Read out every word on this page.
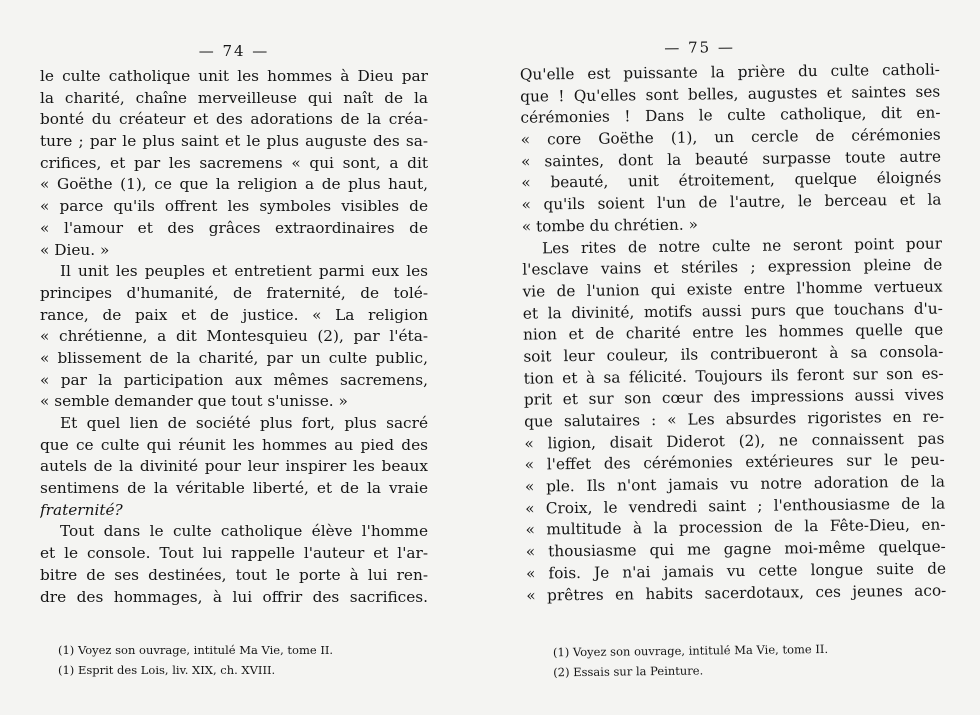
— 74 —
le culte catholique unit les hommes à Dieu par
la charité, chaîne merveilleuse qui naît de la
bonté du créateur et des adorations de la créa-
ture ; par le plus saint et le plus auguste des sa-
crifices, et par les sacremens « qui sont, a dit
« Goëthe (1), ce que la religion a de plus haut,
« parce qu'ils offrent les symboles visibles de
« l'amour et des grâces extraordinaires de
« Dieu. »
Il unit les peuples et entretient parmi eux les
principes d'humanité, de fraternité, de tolé-
rance, de paix et de justice. « La religion
« chrétienne, a dit Montesquieu (2), par l'éta-
« blissement de la charité, par un culte public,
« par la participation aux mêmes sacremens,
« semble demander que tout s'unisse. »
Et quel lien de société plus fort, plus sacré
que ce culte qui réunit les hommes au pied des
autels de la divinité pour leur inspirer les beaux
sentimens de la véritable liberté, et de la vraie
fraternité?
Tout dans le culte catholique élève l'homme
et le console. Tout lui rappelle l'auteur et l'ar-
bitre de ses destinées, tout le porte à lui ren-
dre des hommages, à lui offrir des sacrifices.
(1) Voyez son ouvrage, intitulé Ma Vie, tome II.
(1) Esprit des Lois, liv. XIX, ch. XVIII.
— 75 —
Qu'elle est puissante la prière du culte catholi-
que ! Qu'elles sont belles, augustes et saintes ses
cérémonies ! Dans le culte catholique, dit en-
« core Goëthe (1), un cercle de cérémonies
« saintes, dont la beauté surpasse toute autre
« beauté, unit étroitement, quelque éloignés
« qu'ils soient l'un de l'autre, le berceau et la
« tombe du chrétien. »
Les rites de notre culte ne seront point pour
l'esclave vains et stériles ; expression pleine de
vie de l'union qui existe entre l'homme vertueux
et la divinité, motifs aussi purs que touchans d'u-
nion et de charité entre les hommes quelle que
soit leur couleur, ils contribueront à sa consola-
tion et à sa félicité. Toujours ils feront sur son es-
prit et sur son cœur des impressions aussi vives
que salutaires : « Les absurdes rigoristes en re-
« ligion, disait Diderot (2), ne connaissent pas
« l'effet des cérémonies extérieures sur le peu-
« ple. Ils n'ont jamais vu notre adoration de la
« Croix, le vendredi saint ; l'enthousiasme de la
« multitude à la procession de la Fête-Dieu, en-
« thousiasme qui me gagne moi-même quelque-
« fois. Je n'ai jamais vu cette longue suite de
« prêtres en habits sacerdotaux, ces jeunes aco-
(1) Voyez son ouvrage, intitulé Ma Vie, tome II.
(2) Essais sur la Peinture.
